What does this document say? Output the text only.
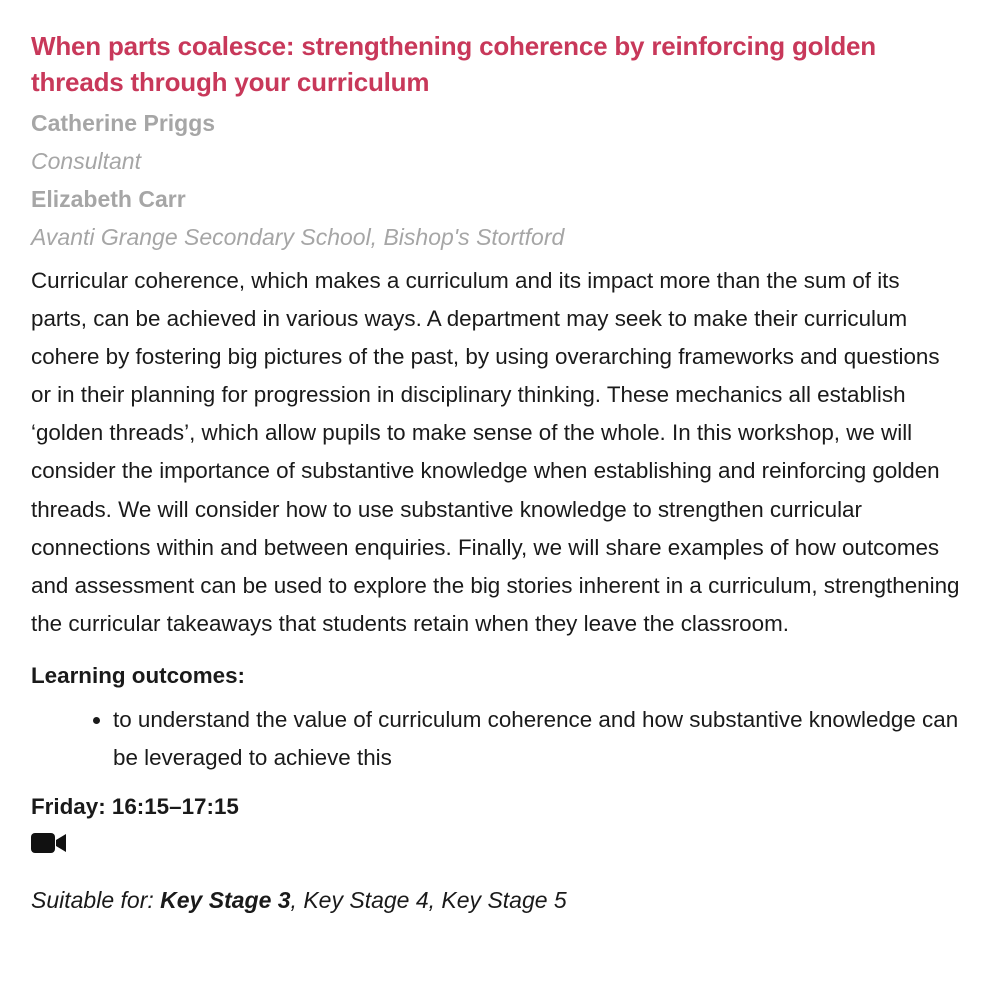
When parts coalesce: strengthening coherence by reinforcing golden threads through your curriculum

Catherine Priggs

Consultant

Elizabeth Carr

Avanti Grange Secondary School, Bishop's Stortford

Curricular coherence, which makes a curriculum and its impact more than the sum of its parts, can be achieved in various ways. A department may seek to make their curriculum cohere by fostering big pictures of the past, by using overarching frameworks and questions or in their planning for progression in disciplinary thinking. These mechanics all establish ‘golden threads’, which allow pupils to make sense of the whole. In this workshop, we will consider the importance of substantive knowledge when establishing and reinforcing golden threads. We will consider how to use substantive knowledge to strengthen curricular connections within and between enquiries. Finally, we will share examples of how outcomes and assessment can be used to explore the big stories inherent in a curriculum, strengthening the curricular takeaways that students retain when they leave the classroom.

Learning outcomes:

• to understand the value of curriculum coherence and how substantive knowledge can be leveraged to achieve this

Friday: 16:15–17:15

Suitable for: Key Stage 3, Key Stage 4, Key Stage 5
